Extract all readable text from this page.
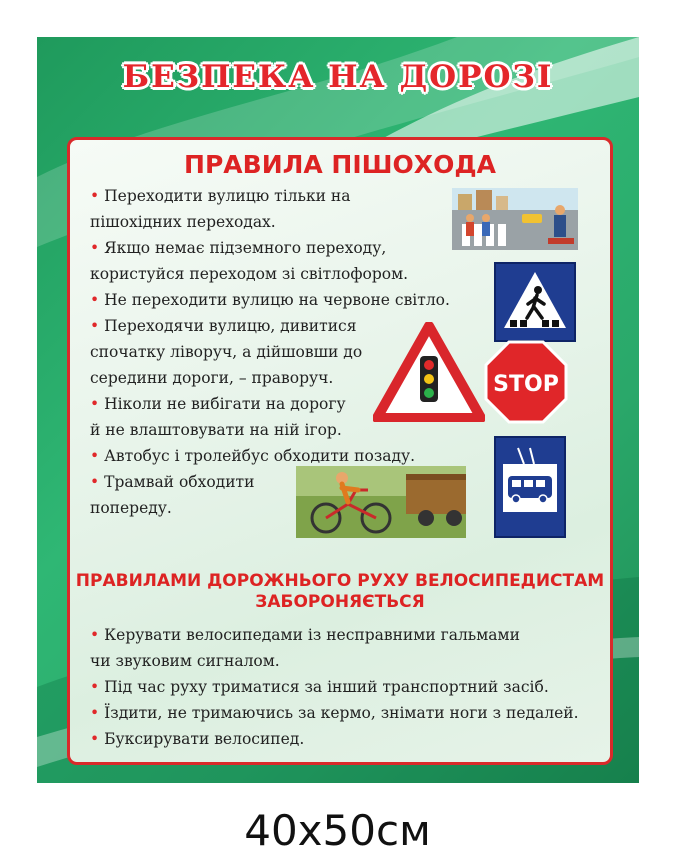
БЕЗПЕКА НА ДОРОЗІ
ПРАВИЛА ПІШОХОДА
• Переходити вулицю тільки на
пішохідних переходах.
• Якщо немає підземного переходу,
користуйся переходом зі світлофором.
• Не переходити вулицю на червоне світло.
• Переходячи вулицю, дивитися
спочатку ліворуч, а дійшовши до
середини дороги, – праворуч.
• Ніколи не вибігати на дорогу
й не влаштовувати на ній ігор.
• Автобус і тролейбус обходити позаду.
• Трамвай обходити
попереду.
STOP
ПРАВИЛАМИ ДОРОЖНЬОГО РУХУ ВЕЛОСИПЕДИСТАМ
ЗАБОРОНЯЄТЬСЯ
• Керувати велосипедами із несправними гальмами
чи звуковим сигналом.
• Під час руху триматися за інший транспортний засіб.
• Їздити, не тримаючись за кермо, знімати ноги з педалей.
• Буксирувати велосипед.
40x50см
